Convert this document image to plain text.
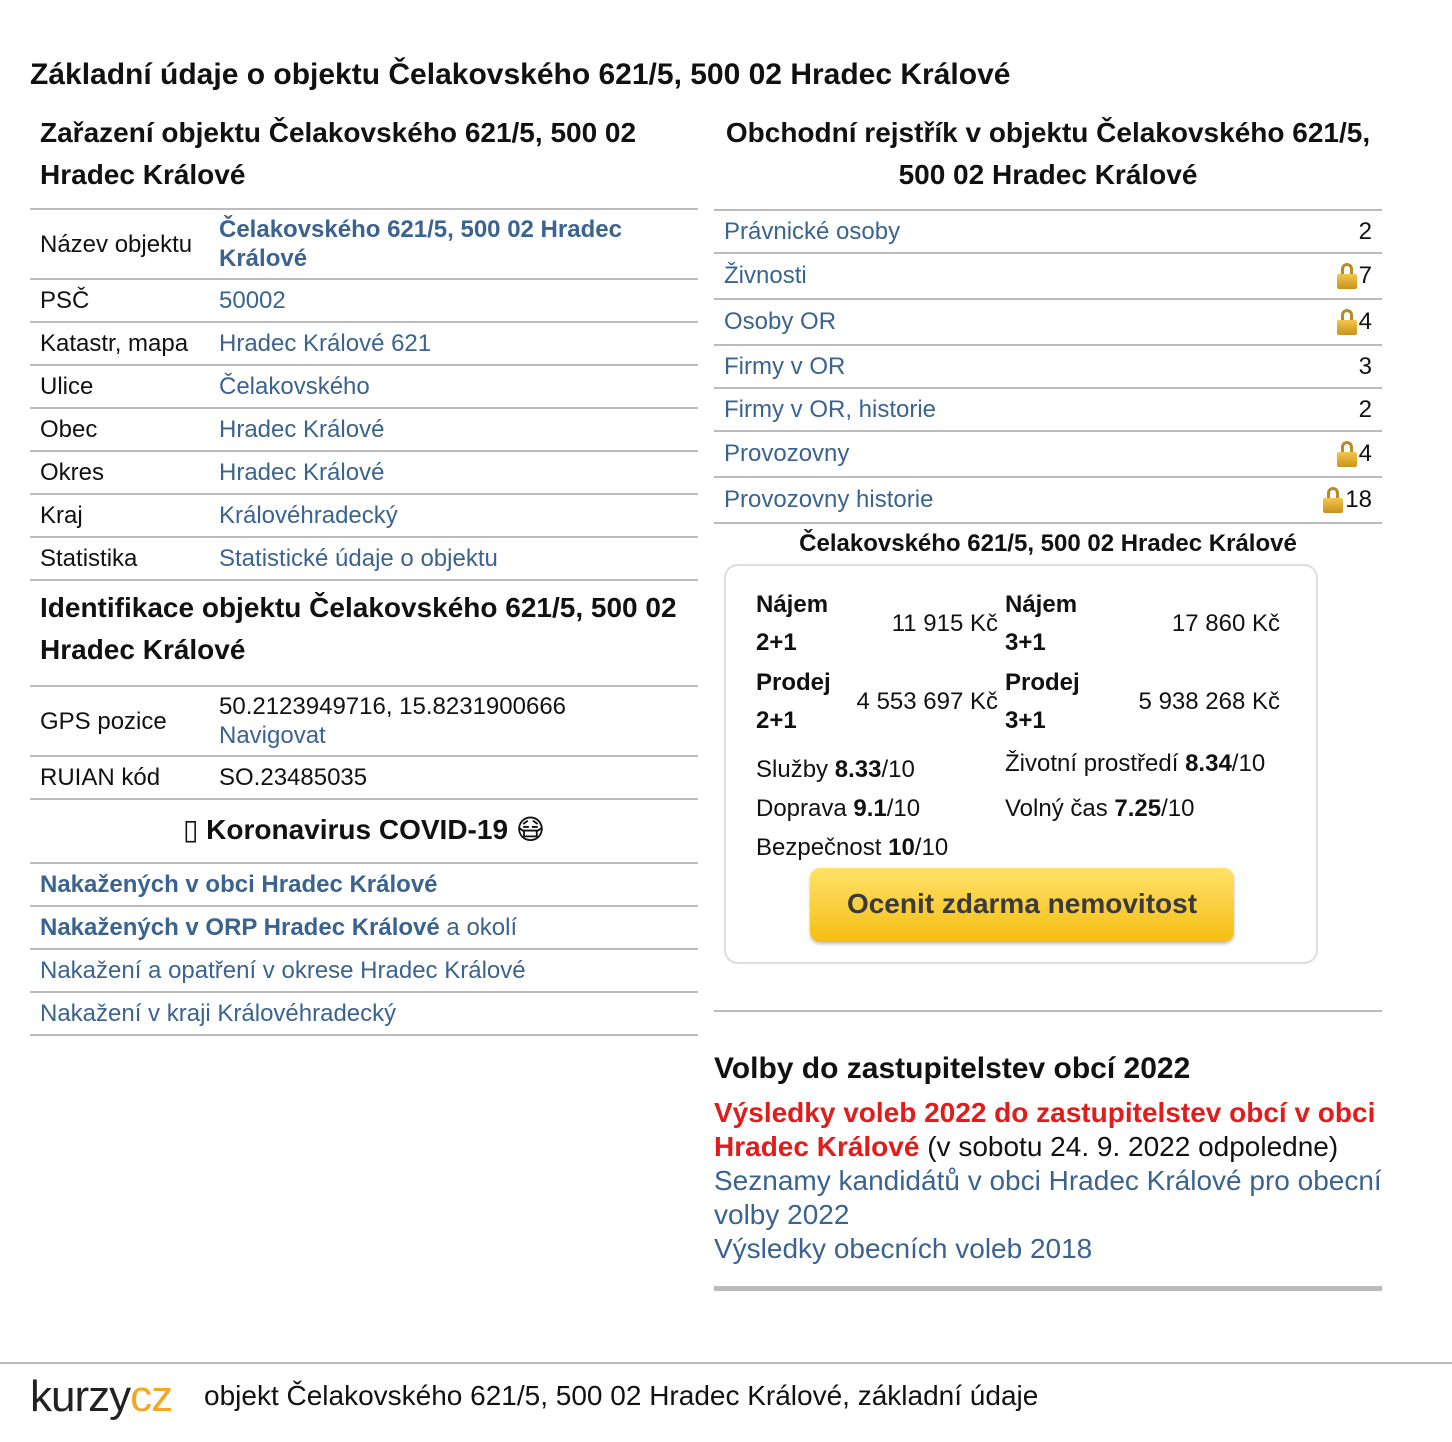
Základní údaje o objektu Čelakovského 621/5, 500 02 Hradec Králové
Zařazení objektu Čelakovského 621/5, 500 02 Hradec Králové
Název objektu	Čelakovského 621/5, 500 02 Hradec Králové
PSČ	50002
Katastr, mapa	Hradec Králové 621
Ulice	Čelakovského
Obec	Hradec Králové
Okres	Hradec Králové
Kraj	Královéhradecký
Statistika	Statistické údaje o objektu
Identifikace objektu Čelakovského 621/5, 500 02 Hradec Králové
GPS pozice	50.2123949716, 15.8231900666
Navigovat
RUIAN kód	SO.23485035
▯ Koronavirus COVID-19 😷
Nakažených v obci Hradec Králové
Nakažených v ORP Hradec Králové a okolí
Nakažení a opatření v okrese Hradec Králové
Nakažení v kraji Královéhradecký
Obchodní rejstřík v objektu Čelakovského 621/5, 500 02 Hradec Králové
Právnické osoby	2
Živnosti	7
Osoby OR	4
Firmy v OR	3
Firmy v OR, historie	2
Provozovny	4
Provozovny historie	18
Čelakovského 621/5, 500 02 Hradec Králové
Nájem
2+1
11 915 Kč
Nájem
3+1
17 860 Kč
Prodej
2+1
4 553 697 Kč
Prodej
3+1
5 938 268 Kč
Služby 8.33/10	Životní prostředí 8.34/10
Doprava 9.1/10	Volný čas 7.25/10
Bezpečnost 10/10
Ocenit zdarma nemovitost
Volby do zastupitelstev obcí 2022
Výsledky voleb 2022 do zastupitelstev obcí v obci Hradec Králové (v sobotu 24. 9. 2022 odpoledne)
Seznamy kandidátů v obci Hradec Králové pro obecní volby 2022
Výsledky obecních voleb 2018
kurzycz objekt Čelakovského 621/5, 500 02 Hradec Králové, základní údaje
